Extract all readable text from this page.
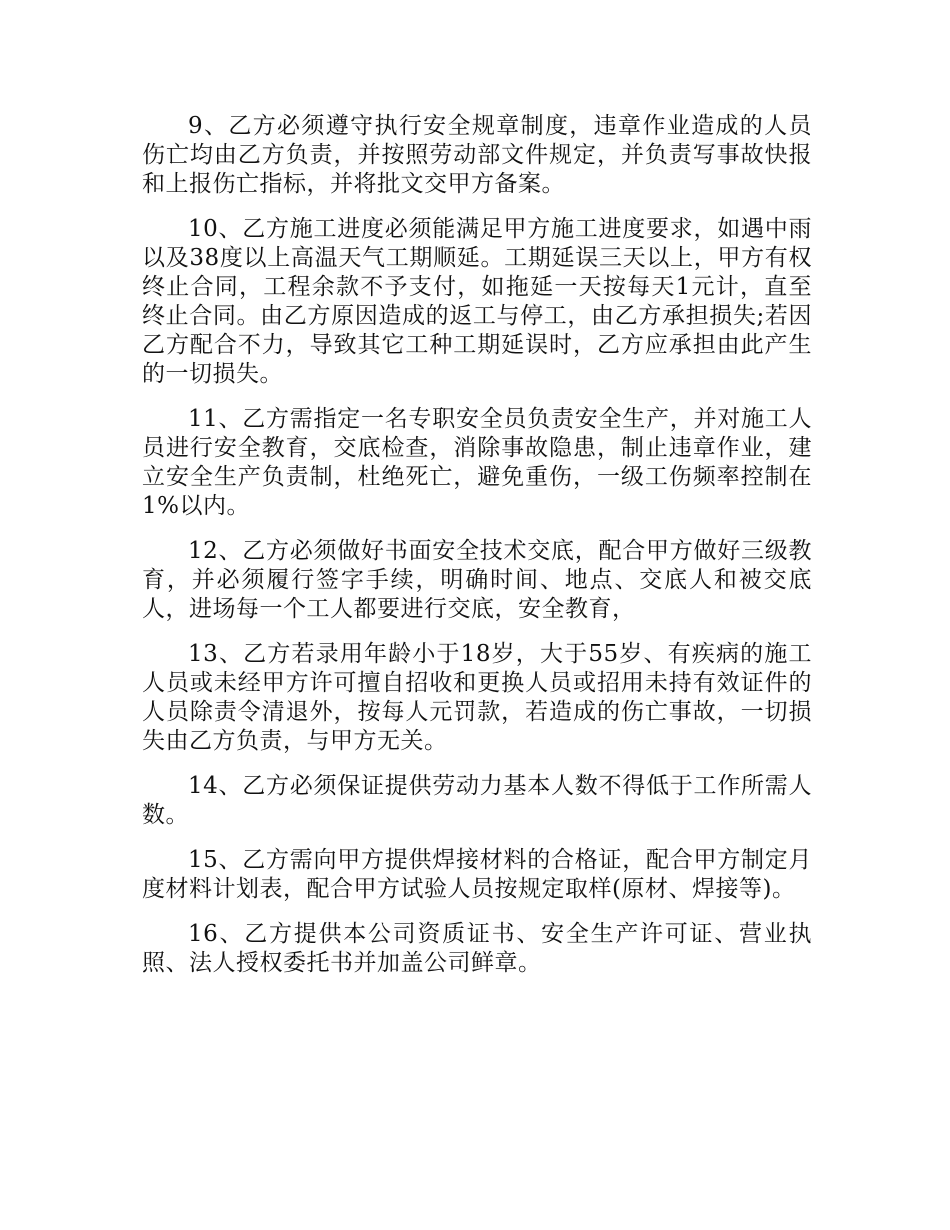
9、乙方必须遵守执行安全规章制度，违章作业造成的人员伤亡均由乙方负责，并按照劳动部文件规定，并负责写事故快报和上报伤亡指标，并将批文交甲方备案。

10、乙方施工进度必须能满足甲方施工进度要求，如遇中雨以及38度以上高温天气工期顺延。工期延误三天以上，甲方有权终止合同，工程余款不予支付，如拖延一天按每天1元计，直至终止合同。由乙方原因造成的返工与停工，由乙方承担损失;若因乙方配合不力，导致其它工种工期延误时，乙方应承担由此产生的一切损失。

11、乙方需指定一名专职安全员负责安全生产，并对施工人员进行安全教育，交底检查，消除事故隐患，制止违章作业，建立安全生产负责制，杜绝死亡，避免重伤，一级工伤频率控制在1%以内。

12、乙方必须做好书面安全技术交底，配合甲方做好三级教育，并必须履行签字手续，明确时间、地点、交底人和被交底人，进场每一个工人都要进行交底，安全教育，

13、乙方若录用年龄小于18岁，大于55岁、有疾病的施工人员或未经甲方许可擅自招收和更换人员或招用未持有效证件的人员除责令清退外，按每人元罚款，若造成的伤亡事故，一切损失由乙方负责，与甲方无关。

14、乙方必须保证提供劳动力基本人数不得低于工作所需人数。

15、乙方需向甲方提供焊接材料的合格证，配合甲方制定月度材料计划表，配合甲方试验人员按规定取样(原材、焊接等)。

16、乙方提供本公司资质证书、安全生产许可证、营业执照、法人授权委托书并加盖公司鲜章。
